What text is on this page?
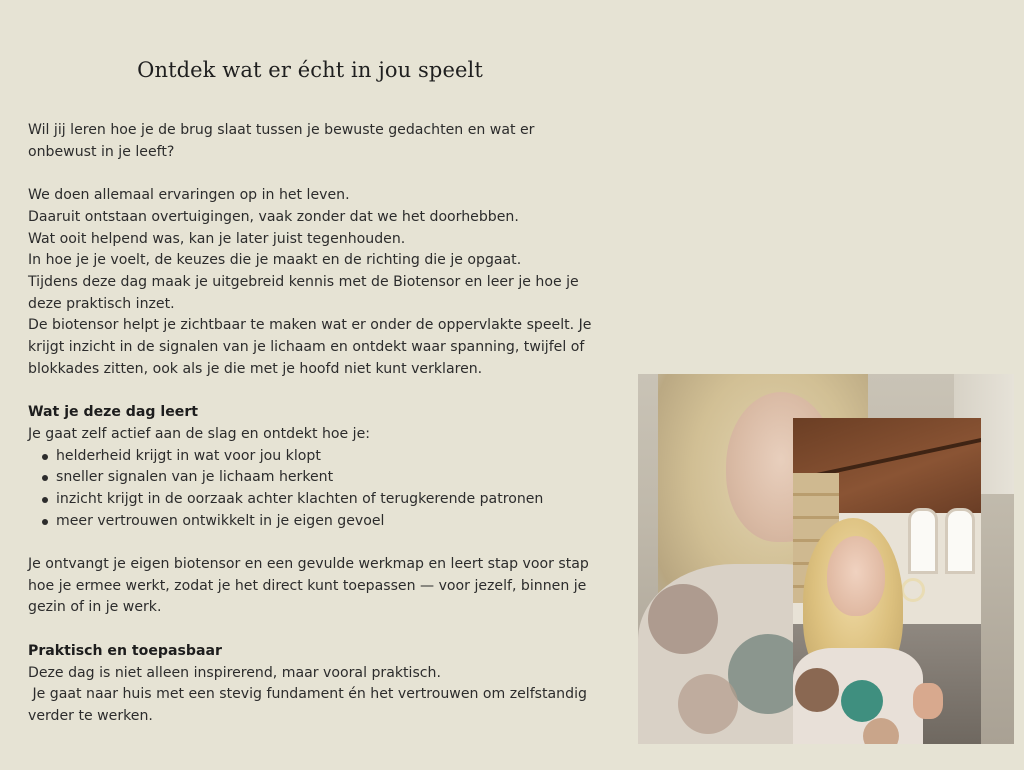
Ontdek wat er écht in jou speelt

Wil jij leren hoe je de brug slaat tussen je bewuste gedachten en wat er

onbewust in je leeft?

We doen allemaal ervaringen op in het leven.

Daaruit ontstaan overtuigingen, vaak zonder dat we het doorhebben.

Wat ooit helpend was, kan je later juist tegenhouden.

In hoe je je voelt, de keuzes die je maakt en de richting die je opgaat.

Tijdens deze dag maak je uitgebreid kennis met de Biotensor en leer je hoe je

deze praktisch inzet.

De biotensor helpt je zichtbaar te maken wat er onder de oppervlakte speelt. Je

krijgt inzicht in de signalen van je lichaam en ontdekt waar spanning, twijfel of

blokkades zitten, ook als je die met je hoofd niet kunt verklaren.

Wat je deze dag leert

Je gaat zelf actief aan de slag en ontdekt hoe je:

helderheid krijgt in wat voor jou klopt
sneller signalen van je lichaam herkent
inzicht krijgt in de oorzaak achter klachten of terugkerende patronen
meer vertrouwen ontwikkelt in je eigen gevoel

Je ontvangt je eigen biotensor en een gevulde werkmap en leert stap voor stap

hoe je ermee werkt, zodat je het direct kunt toepassen — voor jezelf, binnen je

gezin of in je werk.

Praktisch en toepasbaar

Deze dag is niet alleen inspirerend, maar vooral praktisch.

Je gaat naar huis met een stevig fundament én het vertrouwen om zelfstandig

verder te werken.
